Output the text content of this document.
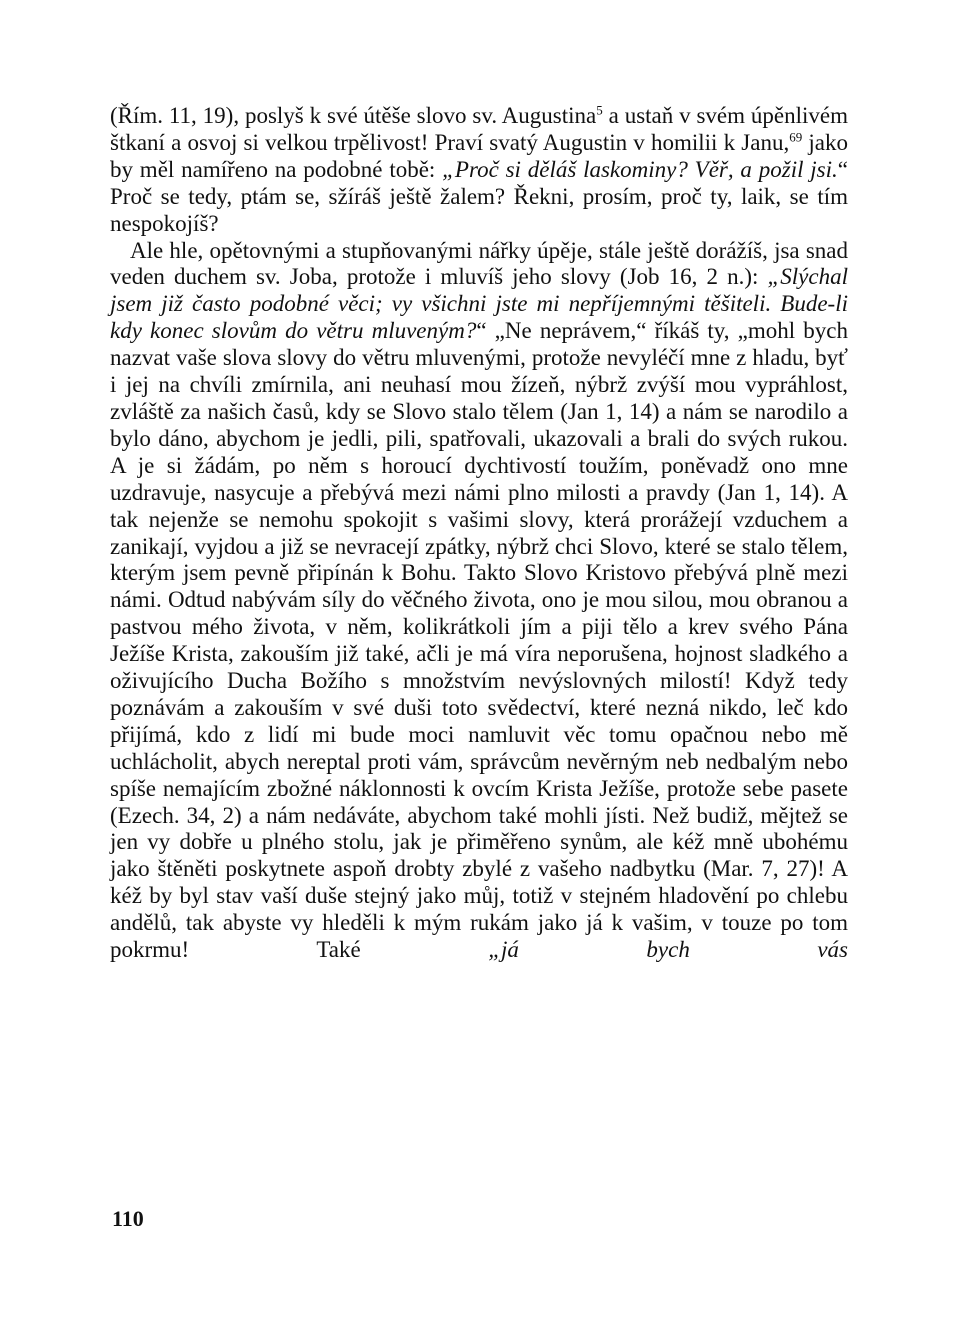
(Řím. 11, 19), poslyš k své útěše slovo sv. Augustina$^5$ a ustaň v svém úpěnlivém štkaní a osvoj si velkou trpělivost! Praví svatý Augustin v homilii k Janu,$^{69}$ jako by měl namířeno na podobné tobě: „Proč si děláš laskominy? Věř, a požil jsi.“ Proč se tedy, ptám se, sžíráš ještě žalem? Řekni, prosím, proč ty, laik, se tím nespokojíš?

Ale hle, opětovnými a stupňovanými nářky úpěje, stále ještě dorážíš, jsa snad veden duchem sv. Joba, protože i mluvíš jeho slovy (Job 16, 2 n.): „Slýchal jsem již často podobné věci; vy všichni jste mi nepříjemnými těšiteli. Bude-li kdy konec slovům do větru mluveným?“ „Ne neprávem,“ říkáš ty, „mohl bych nazvat vaše slova slovy do větru mluvenými, protože nevyléčí mne z hladu, byť i jej na chvíli zmírnila, ani neuhasí mou žízeň, nýbrž zvýší mou vypráhlost, zvláště za našich časů, kdy se Slovo stalo tělem (Jan 1, 14) a nám se narodilo a bylo dáno, abychom je jedli, pili, spatřovali, ukazovali a brali do svých rukou. A je si žádám, po něm s horoucí dychtivostí toužím, poněvadž ono mne uzdravuje, nasycuje a přebývá mezi námi plno milosti a pravdy (Jan 1, 14). A tak nejenže se nemohu spokojit s vašimi slovy, která prorážejí vzduchem a zanikají, vyjdou a již se nevracejí zpátky, nýbrž chci Slovo, které se stalo tělem, kterým jsem pevně připínán k Bohu. Takto Slovo Kristovo přebývá plně mezi námi. Odtud nabývám síly do věčného života, ono je mou silou, mou obranou a pastvou mého života, v něm, kolikrátkoli jím a piji tělo a krev svého Pána Ježíše Krista, zakouším již také, ačli je má víra neporušena, hojnost sladkého a oživujícího Ducha Božího s množstvím nevýslovných milostí! Když tedy poznávám a zakouším v své duši toto svědectví, které nezná nikdo, leč kdo přijímá, kdo z lidí mi bude moci namluvit věc tomu opačnou nebo mě uchlácholit, abych nereptal proti vám, správcům nevěrným neb nedbalým nebo spíše nemajícím zbožné náklonnosti k ovcím Krista Ježíše, protože sebe pasete (Ezech. 34, 2) a nám nedáváte, abychom také mohli jísti. Než budiž, mějtež se jen vy dobře u plného stolu, jak je přiměřeno synům, ale kéž mně ubohému jako štěněti poskytnete aspoň drobty zbylé z vašeho nadbytku (Mar. 7, 27)! A kéž by byl stav vaší duše stejný jako můj, totiž v stejném hladovění po chlebu andělů, tak abyste vy hleděli k mým rukám jako já k vašim, v touze po tom pokrmu! Také „já bych vás

110
